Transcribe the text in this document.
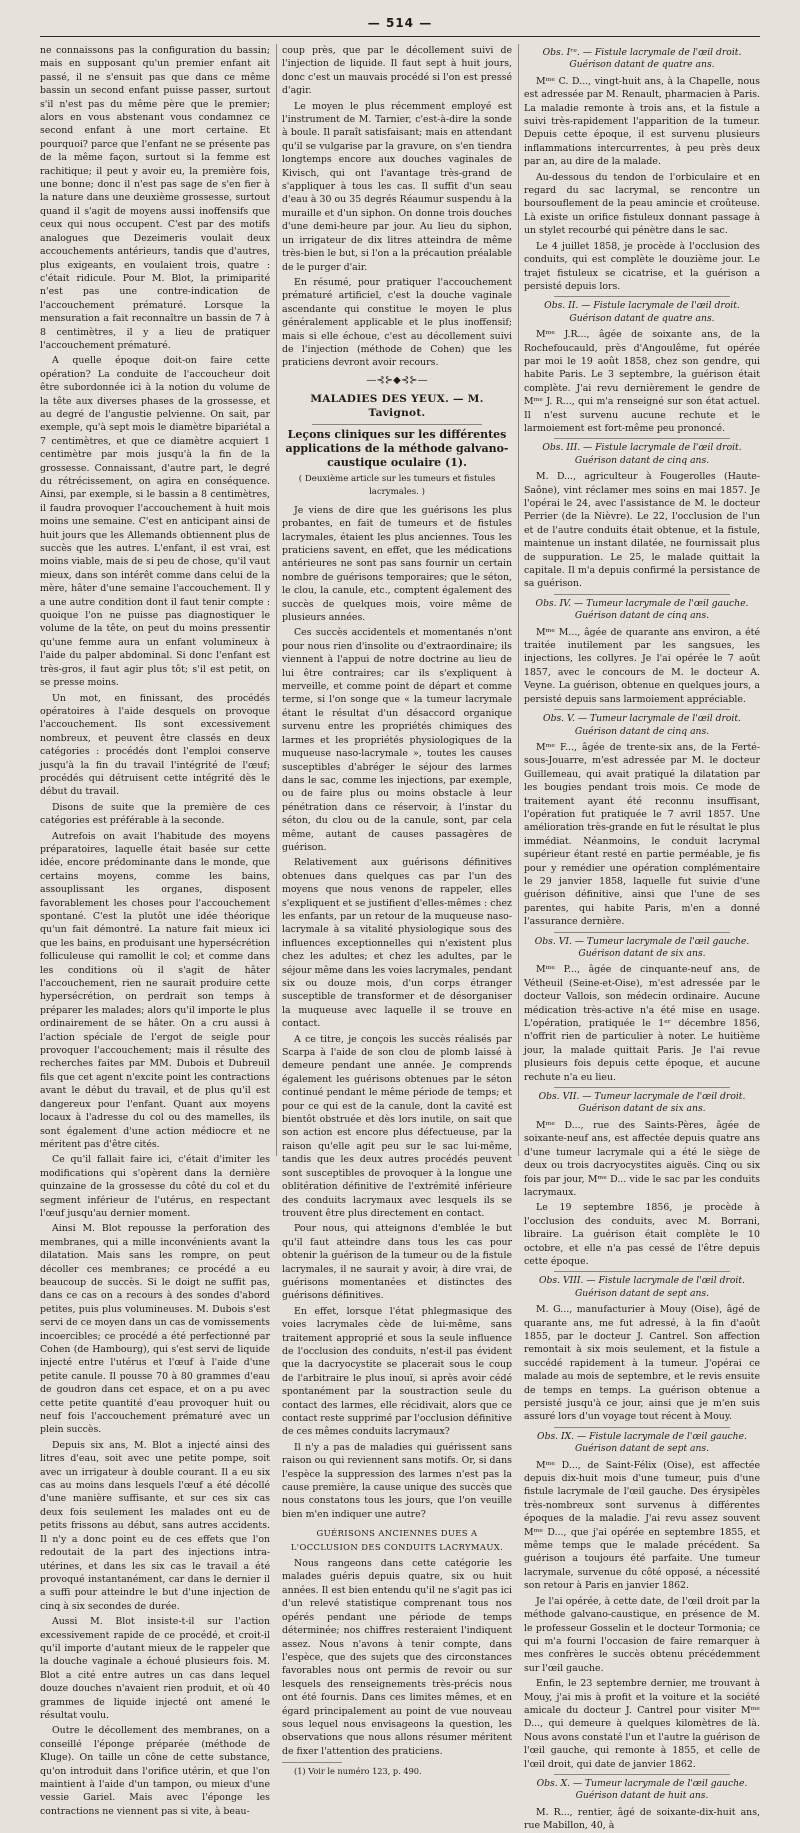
— 514 —

ne connaissons pas la configuration du bassin; mais en supposant qu'un premier enfant ait passé, il ne s'ensuit pas que dans ce même bassin un second enfant puisse passer, surtout s'il n'est pas du même père que le premier; alors en vous abstenant vous condamnez ce second enfant à une mort certaine. Et pourquoi? parce que l'enfant ne se présente pas de la même façon, surtout si la femme est rachitique; il peut y avoir eu, la première fois, une bonne; donc il n'est pas sage de s'en fier à la nature dans une deuxième grossesse, surtout quand il s'agit de moyens aussi inoffensifs que ceux qui nous occupent. C'est par des motifs analogues que Dezeimeris voulait deux accouchements antérieurs, tandis que d'autres, plus exigeants, en voulaient trois, quatre : c'était ridicule. Pour M. Blot, la primiparité n'est pas une contre-indication de l'accouchement prématuré. Lorsque la mensuration a fait reconnaître un bassin de 7 à 8 centimètres, il y a lieu de pratiquer l'accouchement prématuré.

A quelle époque doit-on faire cette opération? La conduite de l'accoucheur doit être subordonnée ici à la notion du volume de la tête aux diverses phases de la grossesse, et au degré de l'angustie pelvienne. On sait, par exemple, qu'à sept mois le diamètre bipariétal a 7 centimètres, et que ce diamètre acquiert 1 centimètre par mois jusqu'à la fin de la grossesse. Connaissant, d'autre part, le degré du rétrécissement, on agira en conséquence. Ainsi, par exemple, si le bassin a 8 centimètres, il faudra provoquer l'accouchement à huit mois moins une semaine. C'est en anticipant ainsi de huit jours que les Allemands obtiennent plus de succès que les autres. L'enfant, il est vrai, est moins viable, mais de si peu de chose, qu'il vaut mieux, dans son intérêt comme dans celui de la mère, hâter d'une semaine l'accouchement. Il y a une autre condition dont il faut tenir compte : quoique l'on ne puisse pas diagnostiquer le volume de la tête, on peut du moins pressentir qu'une femme aura un enfant volumineux à l'aide du palper abdominal. Si donc l'enfant est très-gros, il faut agir plus tôt; s'il est petit, on se presse moins.

Un mot, en finissant, des procédés opératoires à l'aide desquels on provoque l'accouchement. Ils sont excessivement nombreux, et peuvent être classés en deux catégories : procédés dont l'emploi conserve jusqu'à la fin du travail l'intégrité de l'œuf; procédés qui détruisent cette intégrité dès le début du travail.

Disons de suite que la première de ces catégories est préférable à la seconde.

Autrefois on avait l'habitude des moyens préparatoires, laquelle était basée sur cette idée, encore prédominante dans le monde, que certains moyens, comme les bains, assouplissant les organes, disposent favorablement les choses pour l'accouchement spontané. C'est la plutôt une idée théorique qu'un fait démontré. La nature fait mieux ici que les bains, en produisant une hypersécrétion folliculeuse qui ramollit le col; et comme dans les conditions où il s'agit de hâter l'accouchement, rien ne saurait produire cette hypersécrétion, on perdrait son temps à préparer les malades; alors qu'il importe le plus ordinairement de se hâter. On a cru aussi à l'action spéciale de l'ergot de seigle pour provoquer l'accouchement; mais il résulte des recherches faites par MM. Dubois et Dubreuil fils que cet agent n'excite point les contractions avant le début du travail, et de plus qu'il est dangereux pour l'enfant. Quant aux moyens locaux à l'adresse du col ou des mamelles, ils sont également d'une action médiocre et ne méritent pas d'être cités.

Ce qu'il fallait faire ici, c'était d'imiter les modifications qui s'opèrent dans la dernière quinzaine de la grossesse du côté du col et du segment inférieur de l'utérus, en respectant l'œuf jusqu'au dernier moment.

Ainsi M. Blot repousse la perforation des membranes, qui a mille inconvénients avant la dilatation. Mais sans les rompre, on peut décoller ces membranes; ce procédé a eu beaucoup de succès. Si le doigt ne suffit pas, dans ce cas on a recours à des sondes d'abord petites, puis plus volumineuses. M. Dubois s'est servi de ce moyen dans un cas de vomissements incoercibles; ce procédé a été perfectionné par Cohen (de Hambourg), qui s'est servi de liquide injecté entre l'utérus et l'œuf à l'aide d'une petite canule. Il pousse 70 à 80 grammes d'eau de goudron dans cet espace, et on a pu avec cette petite quantité d'eau provoquer huit ou neuf fois l'accouchement prématuré avec un plein succès.

Depuis six ans, M. Blot a injecté ainsi des litres d'eau, soit avec une petite pompe, soit avec un irrigateur à double courant. Il a eu six cas au moins dans lesquels l'œuf a été décollé d'une manière suffisante, et sur ces six cas deux fois seulement les malades ont eu de petits frissons au début, sans autres accidents. Il n'y a donc point eu de ces effets que l'on redoutait de la part des injections intra-utérines, et dans les six cas le travail a été provoqué instantanément, car dans le dernier il a suffi pour atteindre le but d'une injection de cinq à six secondes de durée.

Aussi M. Blot insiste-t-il sur l'action excessivement rapide de ce procédé, et croit-il qu'il importe d'autant mieux de le rappeler que la douche vaginale a échoué plusieurs fois. M. Blot a cité entre autres un cas dans lequel douze douches n'avaient rien produit, et où 40 grammes de liquide injecté ont amené le résultat voulu.

Outre le décollement des membranes, on a conseillé l'éponge préparée (méthode de Kluge). On taille un cône de cette substance, qu'on introduit dans l'orifice utérin, et que l'on maintient à l'aide d'un tampon, ou mieux d'une vessie Gariel. Mais avec l'éponge les contractions ne viennent pas si vite, à beau-

coup près, que par le décollement suivi de l'injection de liquide. Il faut sept à huit jours, donc c'est un mauvais procédé si l'on est pressé d'agir.

Le moyen le plus récemment employé est l'instrument de M. Tarnier, c'est-à-dire la sonde à boule. Il paraît satisfaisant; mais en attendant qu'il se vulgarise par la gravure, on s'en tiendra longtemps encore aux douches vaginales de Kivisch, qui ont l'avantage très-grand de s'appliquer à tous les cas. Il suffit d'un seau d'eau à 30 ou 35 degrés Réaumur suspendu à la muraille et d'un siphon. On donne trois douches d'une demi-heure par jour. Au lieu du siphon, un irrigateur de dix litres atteindra de même très-bien le but, si l'on a la précaution préalable de le purger d'air.

En résumé, pour pratiquer l'accouchement prématuré artificiel, c'est la douche vaginale ascendante qui constitue le moyen le plus généralement applicable et le plus inoffensif; mais si elle échoue, c'est au décollement suivi de l'injection (méthode de Cohen) que les praticiens devront avoir recours.

—⊰⊱◆⊰⊱—
MALADIES DES YEUX. — M. Tavignot.
Leçons cliniques sur les différentes applications de la méthode galvano-caustique oculaire (1).
( Deuxième article sur les tumeurs et fistules lacrymales. )

Je viens de dire que les guérisons les plus probantes, en fait de tumeurs et de fistules lacrymales, étaient les plus anciennes. Tous les praticiens savent, en effet, que les médications antérieures ne sont pas sans fournir un certain nombre de guérisons temporaires; que le séton, le clou, la canule, etc., comptent également des succès de quelques mois, voire même de plusieurs années.

Ces succès accidentels et momentanés n'ont pour nous rien d'insolite ou d'extraordinaire; ils viennent à l'appui de notre doctrine au lieu de lui être contraires; car ils s'expliquent à merveille, et comme point de départ et comme terme, si l'on songe que « la tumeur lacrymale étant le résultat d'un désaccord organique survenu entre les propriétés chimiques des larmes et les propriétés physiologiques de la muqueuse naso-lacrymale », toutes les causes susceptibles d'abréger le séjour des larmes dans le sac, comme les injections, par exemple, ou de faire plus ou moins obstacle à leur pénétration dans ce réservoir, à l'instar du séton, du clou ou de la canule, sont, par cela même, autant de causes passagères de guérison.

Relativement aux guérisons définitives obtenues dans quelques cas par l'un des moyens que nous venons de rappeler, elles s'expliquent et se justifient d'elles-mêmes : chez les enfants, par un retour de la muqueuse naso-lacrymale à sa vitalité physiologique sous des influences exceptionnelles qui n'existent plus chez les adultes; et chez les adultes, par le séjour même dans les voies lacrymales, pendant six ou douze mois, d'un corps étranger susceptible de transformer et de désorganiser la muqueuse avec laquelle il se trouve en contact.

A ce titre, je conçois les succès réalisés par Scarpa à l'aide de son clou de plomb laissé à demeure pendant une année. Je comprends également les guérisons obtenues par le séton continué pendant le même période de temps; et pour ce qui est de la canule, dont la cavité est bientôt obstruée et dès lors inutile, on sait que son action est encore plus défectueuse, par la raison qu'elle agit peu sur le sac lui-même, tandis que les deux autres procédés peuvent sont susceptibles de provoquer à la longue une oblitération définitive de l'extrémité inférieure des conduits lacrymaux avec lesquels ils se trouvent être plus directement en contact.

Pour nous, qui atteignons d'emblée le but qu'il faut atteindre dans tous les cas pour obtenir la guérison de la tumeur ou de la fistule lacrymales, il ne saurait y avoir, à dire vrai, de guérisons momentanées et distinctes des guérisons définitives.

En effet, lorsque l'état phlegmasique des voies lacrymales cède de lui-même, sans traitement approprié et sous la seule influence de l'occlusion des conduits, n'est-il pas évident que la dacryocystite se placerait sous le coup de l'arbitraire le plus inouï, si après avoir cédé spontanément par la soustraction seule du contact des larmes, elle récidivait, alors que ce contact reste supprimé par l'occlusion définitive de ces mêmes conduits lacrymaux?

Il n'y a pas de maladies qui guérissent sans raison ou qui reviennent sans motifs. Or, si dans l'espèce la suppression des larmes n'est pas la cause première, la cause unique des succès que nous constatons tous les jours, que l'on veuille bien m'en indiquer une autre?

GUÉRISONS ANCIENNES DUES A L'OCCLUSION DES CONDUITS LACRYMAUX.

Nous rangeons dans cette catégorie les malades guéris depuis quatre, six ou huit années. Il est bien entendu qu'il ne s'agit pas ici d'un relevé statistique comprenant tous nos opérés pendant une période de temps déterminée; nos chiffres resteraient l'indiquent assez. Nous n'avons à tenir compte, dans l'espèce, que des sujets que des circonstances favorables nous ont permis de revoir ou sur lesquels des renseignements très-précis nous ont été fournis. Dans ces limites mêmes, et en égard principalement au point de vue nouveau sous lequel nous envisageons la question, les observations que nous allons résumer méritent de fixer l'attention des praticiens.

(1) Voir le numéro 123, p. 490.

Obs. Iʳᵉ. — Fistule lacrymale de l'œil droit. Guérison datant de quatre ans.

Mᵐᵉ C. D..., vingt-huit ans, à la Chapelle, nous est adressée par M. Renault, pharmacien à Paris. La maladie remonte à trois ans, et la fistule a suivi très-rapidement l'apparition de la tumeur. Depuis cette époque, il est survenu plusieurs inflammations intercurrentes, à peu près deux par an, au dire de la malade.

Au-dessous du tendon de l'orbiculaire et en regard du sac lacrymal, se rencontre un boursouflement de la peau amincie et croûteuse. Là existe un orifice fistuleux donnant passage à un stylet recourbé qui pénètre dans le sac.

Le 4 juillet 1858, je procède à l'occlusion des conduits, qui est complète le douzième jour. Le trajet fistuleux se cicatrise, et la guérison a persisté depuis lors.

Obs. II. — Fistule lacrymale de l'œil droit. Guérison datant de quatre ans.

Mᵐᵉ J.R..., âgée de soixante ans, de la Rochefoucauld, près d'Angoulême, fut opérée par moi le 19 août 1858, chez son gendre, qui habite Paris. Le 3 septembre, la guérison était complète. J'ai revu dernièrement le gendre de Mᵐᵉ J. R..., qui m'a renseigné sur son état actuel. Il n'est survenu aucune rechute et le larmoiement est fort-même peu prononcé.

Obs. III. — Fistule lacrymale de l'œil droit. Guérison datant de cinq ans.

M. D..., agriculteur à Fougerolles (Haute-Saône), vint réclamer mes soins en mai 1857. Je l'opérai le 24, avec l'assistance de M. le docteur Perrier (de la Nièvre). Le 22, l'occlusion de l'un et de l'autre conduits était obtenue, et la fistule, maintenue un instant dilatée, ne fournissait plus de suppuration. Le 25, le malade quittait la capitale. Il m'a depuis confirmé la persistance de sa guérison.

Obs. IV. — Tumeur lacrymale de l'œil gauche. Guérison datant de cinq ans.

Mᵐᵉ M..., âgée de quarante ans environ, a été traitée inutilement par les sangsues, les injections, les collyres. Je l'ai opérée le 7 août 1857, avec le concours de M. le docteur A. Veyne. La guérison, obtenue en quelques jours, a persisté depuis sans larmoiement appréciable.

Obs. V. — Tumeur lacrymale de l'œil droit. Guérison datant de cinq ans.

Mᵐᵉ F..., âgée de trente-six ans, de la Ferté-sous-Jouarre, m'est adressée par M. le docteur Guillemeau, qui avait pratiqué la dilatation par les bougies pendant trois mois. Ce mode de traitement ayant été reconnu insuffisant, l'opération fut pratiquée le 7 avril 1857. Une amélioration très-grande en fut le résultat le plus immédiat. Néanmoins, le conduit lacrymal supérieur étant resté en partie perméable, je fis pour y remédier une opération complémentaire le 29 janvier 1858, laquelle fut suivie d'une guérison définitive, ainsi que l'une de ses parentes, qui habite Paris, m'en a donné l'assurance dernière.

Obs. VI. — Tumeur lacrymale de l'œil gauche. Guérison datant de six ans.

Mᵐᵉ P..., âgée de cinquante-neuf ans, de Vétheuil (Seine-et-Oise), m'est adressée par le docteur Vallois, son médecin ordinaire. Aucune médication très-active n'a été mise en usage. L'opération, pratiquée le 1ᵉʳ décembre 1856, n'offrit rien de particulier à noter. Le huitième jour, la malade quittait Paris. Je l'ai revue plusieurs fois depuis cette époque, et aucune rechute n'a eu lieu.

Obs. VII. — Tumeur lacrymale de l'œil droit. Guérison datant de six ans.

Mᵐᵉ D..., rue des Saints-Pères, âgée de soixante-neuf ans, est affectée depuis quatre ans d'une tumeur lacrymale qui a été le siège de deux ou trois dacryocystites aiguës. Cinq ou six fois par jour, Mᵐᵉ D... vide le sac par les conduits lacrymaux.

Le 19 septembre 1856, je procède à l'occlusion des conduits, avec M. Borrani, libraire. La guérison était complète le 10 octobre, et elle n'a pas cessé de l'être depuis cette époque.

Obs. VIII. — Fistule lacrymale de l'œil droit. Guérison datant de sept ans.

M. G..., manufacturier à Mouy (Oise), âgé de quarante ans, me fut adressé, à la fin d'août 1855, par le docteur J. Cantrel. Son affection remontait à six mois seulement, et la fistule a succédé rapidement à la tumeur. J'opérai ce malade au mois de septembre, et le revis ensuite de temps en temps. La guérison obtenue a persisté jusqu'à ce jour, ainsi que je m'en suis assuré lors d'un voyage tout récent à Mouy.

Obs. IX. — Fistule lacrymale de l'œil gauche. Guérison datant de sept ans.

Mᵐᵉ D..., de Saint-Félix (Oise), est affectée depuis dix-huit mois d'une tumeur, puis d'une fistule lacrymale de l'œil gauche. Des érysipèles très-nombreux sont survenus à différentes époques de la maladie. J'ai revu assez souvent Mᵐᵉ D..., que j'ai opérée en septembre 1855, et même temps que le malade précédent. Sa guérison a toujours été parfaite. Une tumeur lacrymale, survenue du côté opposé, a nécessité son retour à Paris en janvier 1862.

Je l'ai opérée, à cette date, de l'œil droit par la méthode galvano-caustique, en présence de M. le professeur Gosselin et le docteur Tormonia; ce qui m'a fourni l'occasion de faire remarquer à mes confrères le succès obtenu précédemment sur l'œil gauche.

Enfin, le 23 septembre dernier, me trouvant à Mouy, j'ai mis à profit et la voiture et la société amicale du docteur J. Cantrel pour visiter Mᵐᵉ D..., qui demeure à quelques kilomètres de là. Nous avons constaté l'un et l'autre la guérison de l'œil gauche, qui remonte à 1855, et celle de l'œil droit, qui date de janvier 1862.

Obs. X. — Tumeur lacrymale de l'œil gauche. Guérison datant de huit ans.

M. R..., rentier, âgé de soixante-dix-huit ans, rue Mabillon, 40, à
